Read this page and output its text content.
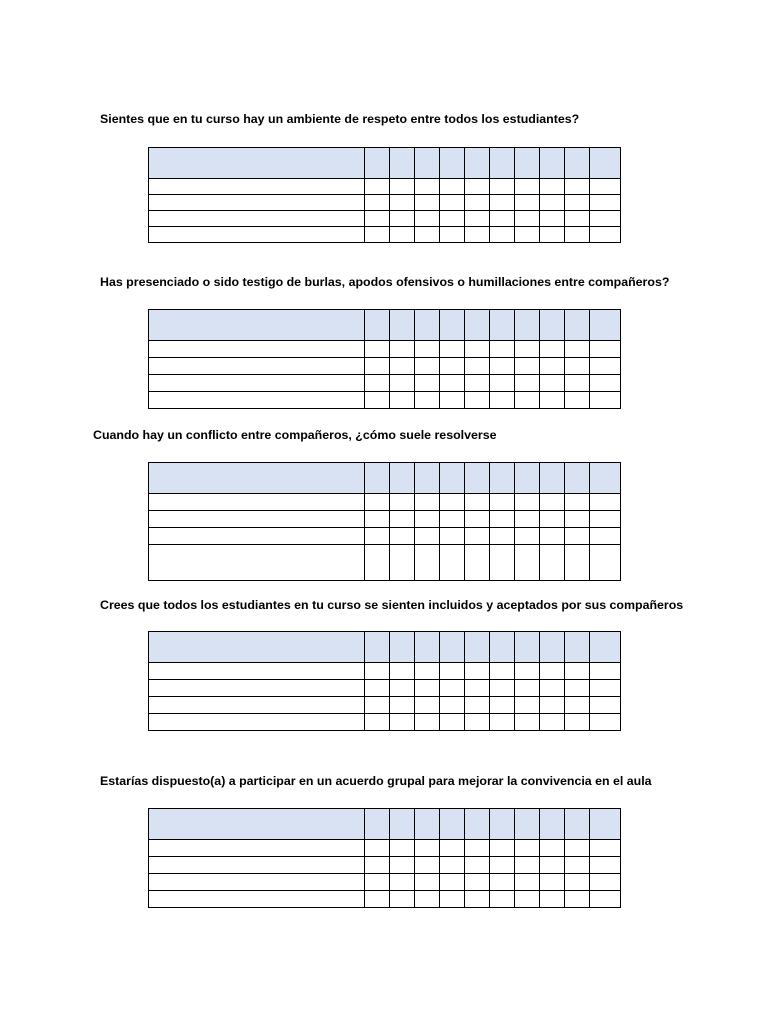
Sientes que en tu curso hay un ambiente de respeto entre todos los estudiantes?

Has presenciado o sido testigo de burlas, apodos ofensivos o humillaciones entre compañeros?

Cuando hay un conflicto entre compañeros, ¿cómo suele resolverse

Crees que todos los estudiantes en tu curso se sienten incluidos y aceptados por sus compañeros

Estarías dispuesto(a) a participar en un acuerdo grupal para mejorar la convivencia en el aula
